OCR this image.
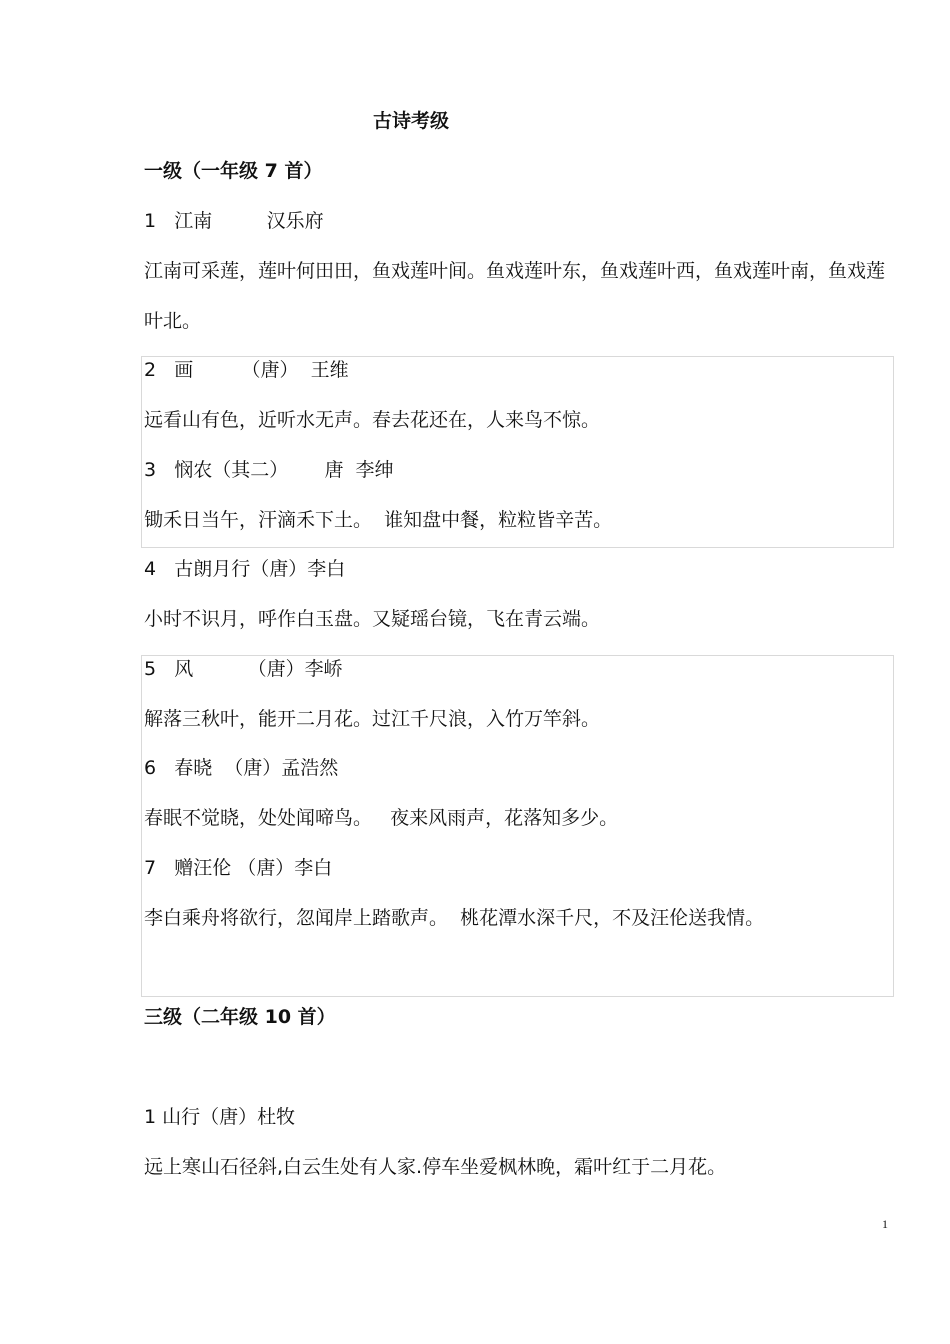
古诗考级
一级（一年级 7 首）
1   江南         汉乐府
江南可采莲，莲叶何田田，鱼戏莲叶间。鱼戏莲叶东，鱼戏莲叶西，鱼戏莲叶南，鱼戏莲
叶北。
2   画        （唐）  王维
远看山有色，近听水无声。春去花还在，人来鸟不惊。
3   悯农（其二）      唐  李绅
锄禾日当午，汗滴禾下土。  谁知盘中餐，粒粒皆辛苦。
4   古朗月行（唐）李白
小时不识月，呼作白玉盘。又疑瑶台镜，飞在青云端。
5   风         （唐）李峤
解落三秋叶，能开二月花。过江千尺浪，入竹万竿斜。
6   春晓  （唐）孟浩然
春眠不觉晓，处处闻啼鸟。   夜来风雨声，花落知多少。
7   赠汪伦 （唐）李白
李白乘舟将欲行，忽闻岸上踏歌声。  桃花潭水深千尺，不及汪伦送我情。
三级（二年级 10 首）
1 山行（唐）杜牧
远上寒山石径斜,白云生处有人家.停车坐爱枫林晚，霜叶红于二月花。
1
